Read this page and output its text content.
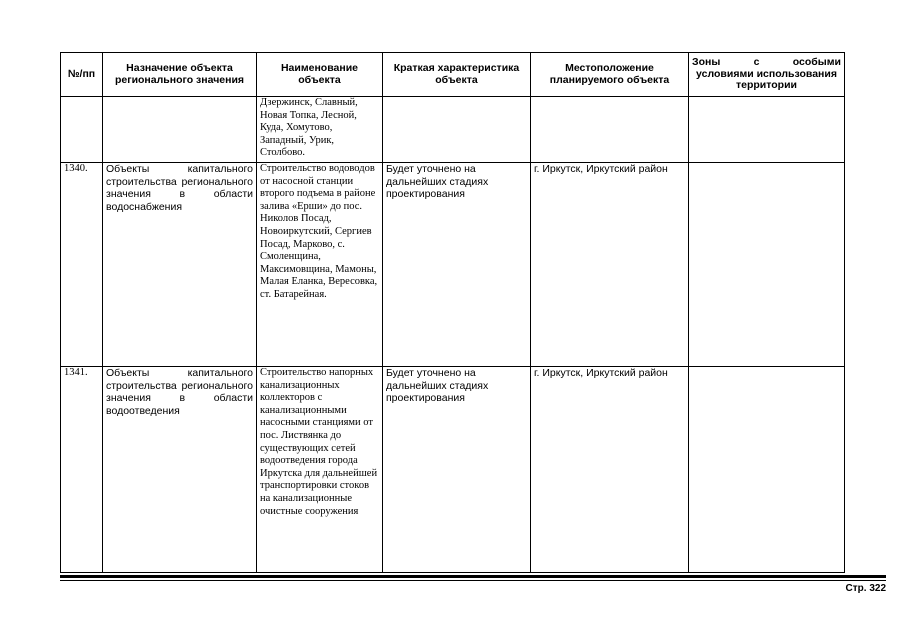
№/пп	Назначение объекта регионального значения	Наименование объекта	Краткая характеристика объекта	Местоположение планируемого объекта	Зоны с особыми
условиями использования территории

		Дзержинск, Славный, Новая Топка, Лесной, Куда, Хомутово, Западный, Урик, Столбово.			
1340.	Объекты капитального строительства регионального значения в области водоснабжения	Строительство водоводов от насосной станции второго подъема в районе залива «Ерши» до пос. Николов Посад, Новоиркутский, Сергиев Посад, Марково, с. Смоленщина, Максимовщина, Мамоны, Малая Еланка, Вересовка, ст. Батарейная.	Будет уточнено на дальнейших стадиях проектирования	г. Иркутск, Иркутский район	
1341.	Объекты капитального строительства регионального значения в области водоотведения	Строительство напорных канализационных коллекторов с канализационными насосными станциями от пос. Листвянка до существующих сетей водоотведения города Иркутска для дальнейшей транспортировки стоков на канализационные очистные сооружения	Будет уточнено на дальнейших стадиях проектирования	г. Иркутск, Иркутский район	
Стр. 322
